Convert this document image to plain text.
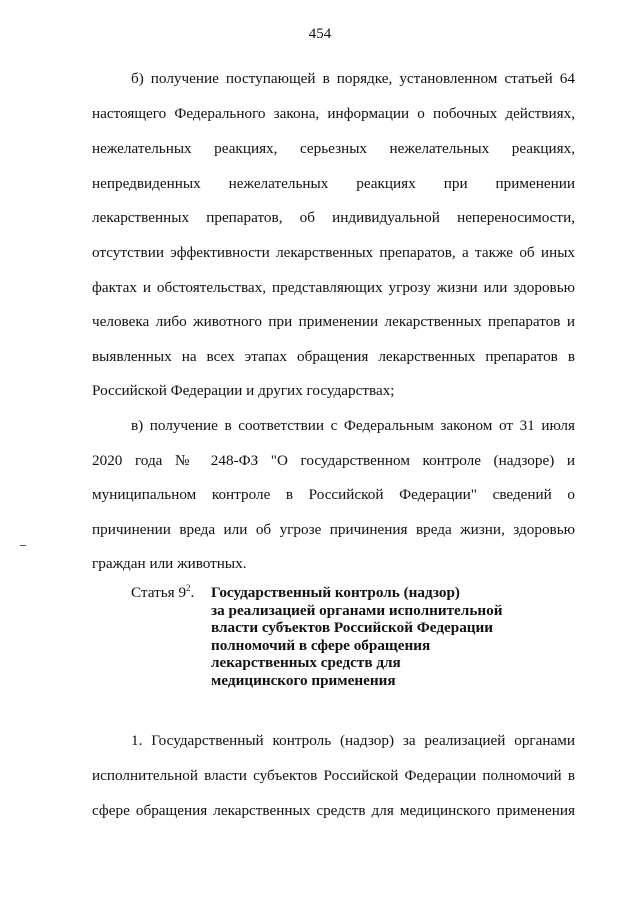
454
б) получение поступающей в порядке, установленном статьей 64
настоящего Федерального закона, информации о побочных действиях,
нежелательных реакциях, серьезных нежелательных реакциях,
непредвиденных нежелательных реакциях при применении
лекарственных препаратов, об индивидуальной непереносимости,
отсутствии эффективности лекарственных препаратов, а также об иных
фактах и обстоятельствах, представляющих угрозу жизни или здоровью
человека либо животного при применении лекарственных препаратов и
выявленных на всех этапах обращения лекарственных препаратов в
Российской Федерации и других государствах;
в) получение в соответствии с Федеральным законом от 31 июля
2020 года № 248-ФЗ "О государственном контроле (надзоре) и
муниципальном контроле в Российской Федерации" сведений о
причинении вреда или об угрозе причинения вреда жизни, здоровью
граждан или животных.
Статья $9^2$. Государственный контроль (надзор)
за реализацией органами исполнительной
власти субъектов Российской Федерации
полномочий в сфере обращения
лекарственных средств для
медицинского применения
1. Государственный контроль (надзор) за реализацией органами
исполнительной власти субъектов Российской Федерации полномочий в
сфере обращения лекарственных средств для медицинского применения
